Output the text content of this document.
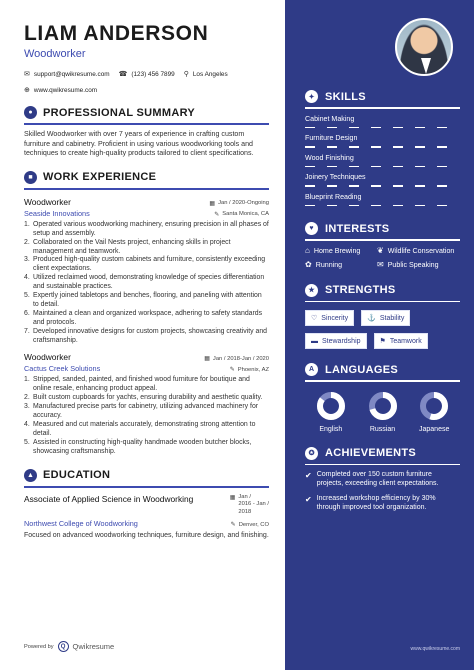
LIAM ANDERSON
Woodworker
✉ support@qwikresume.com ☎ (123) 456 7899 ⚲ Los Angeles
⊕ www.qwikresume.com
● PROFESSIONAL SUMMARY

Skilled Woodworker with over 7 years of experience in crafting custom furniture and cabinetry. Proficient in using various woodworking tools and techniques to create high-quality products tailored to client specifications.

■ WORK EXPERIENCE
Woodworker	▦ Jan / 2020-Ongoing
Seaside Innovations	✎ Santa Monica, CA
1. Operated various woodworking machinery, ensuring precision in all phases of setup and assembly.
2. Collaborated on the Vail Nests project, enhancing skills in project management and teamwork.
3. Produced high-quality custom cabinets and furniture, consistently exceeding client expectations.
4. Utilized reclaimed wood, demonstrating knowledge of species differentiation and sustainable practices.
5. Expertly joined tabletops and benches, flooring, and paneling with attention to detail.
6. Maintained a clean and organized workspace, adhering to safety standards and protocols.
7. Developed innovative designs for custom projects, showcasing creativity and craftsmanship.
Woodworker	▦ Jan / 2018-Jan / 2020
Cactus Creek Solutions	✎ Phoenix, AZ
1. Stripped, sanded, painted, and finished wood furniture for boutique and online resale, enhancing product appeal.
2. Built custom cupboards for yachts, ensuring durability and aesthetic quality.
3. Manufactured precise parts for cabinetry, utilizing advanced machinery for accuracy.
4. Measured and cut materials accurately, demonstrating strong attention to detail.
5. Assisted in constructing high-quality handmade wooden butcher blocks, showcasing craftsmanship.
▲ EDUCATION
Associate of Applied Science in Woodworking	▦ Jan /
2016 - Jan /
2018
Northwest College of Woodworking	✎ Denver, CO

Focused on advanced woodworking techniques, furniture design, and finishing.

Powered by	Q Qwikresume
✦ SKILLS
Cabinet Making
Furniture Design
Wood Finishing
Joinery Techniques
Blueprint Reading
♥	INTERESTS
⌂ Home Brewing ❦ Wildlife Conservation
✿ Running	✉ Public Speaking
★ STRENGTHS
♡ Sincerity	⚓ Stability
▬ Stewardship	⚑ Teamwork
A LANGUAGES
English	Russian	Japanese
✪ ACHIEVEMENTS
✔ Completed over 150 custom furniture projects, exceeding client expectations.
✔ Increased workshop efficiency by 30% through improved tool organization.
www.qwikresume.com
